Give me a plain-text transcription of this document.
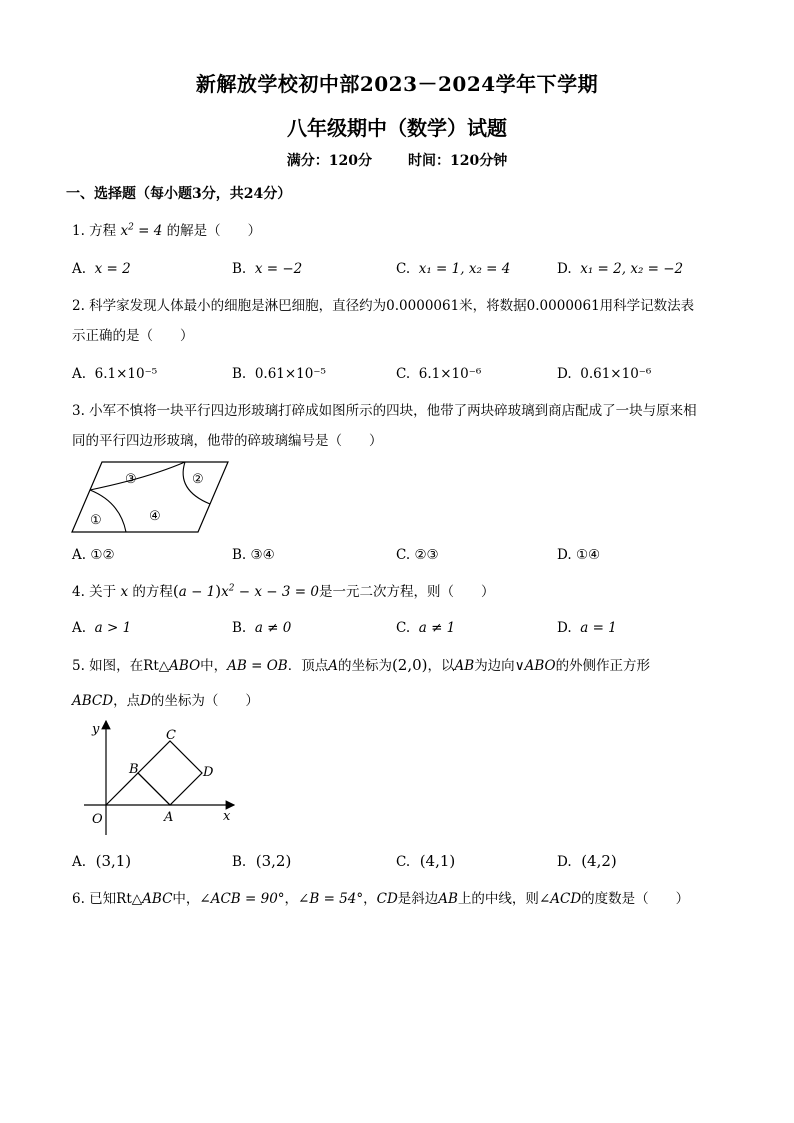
新解放学校初中部2023－2024学年下学期
八年级期中（数学）试题
满分：120分	时间：120分钟
一、选择题（每小题3分，共24分）
1. 方程 $x^2 = 4$ 的解是（　　）
A. x = 2	B. x = −2	C. x₁ = 1, x₂ = 4	D. x₁ = 2, x₂ = −2
2. 科学家发现人体最小的细胞是淋巴细胞，直径约为0.0000061米，将数据0.0000061用科学记数法表
示正确的是（　　）
A. 6.1×10⁻⁵	B. 0.61×10⁻⁵	C. 6.1×10⁻⁶	D. 0.61×10⁻⁶
3. 小军不慎将一块平行四边形玻璃打碎成如图所示的四块，他带了两块碎玻璃到商店配成了一块与原来相
同的平行四边形玻璃，他带的碎玻璃编号是（　　）
③	②
④
①
A. ①②	B. ③④	C. ②③	D. ①④
4. 关于 x 的方程$(a - 1)x^2 - x - 3 = 0$是一元二次方程，则（　　）
A. a > 1	B. a ≠ 0	C. a ≠ 1	D. a = 1
5. 如图，在Rt△ABO中，AB = OB．顶点A的坐标为(2,0)，以AB为边向∨ABO的外侧作正方形
ABCD，点D的坐标为（　　）
y
x
O	A
B
C
D
A. (3,1)	B. (3,2)	C. (4,1)	D. (4,2)
6. 已知Rt△ABC中，∠ACB = 90°，∠B = 54°，CD是斜边AB上的中线，则∠ACD的度数是（　　）
